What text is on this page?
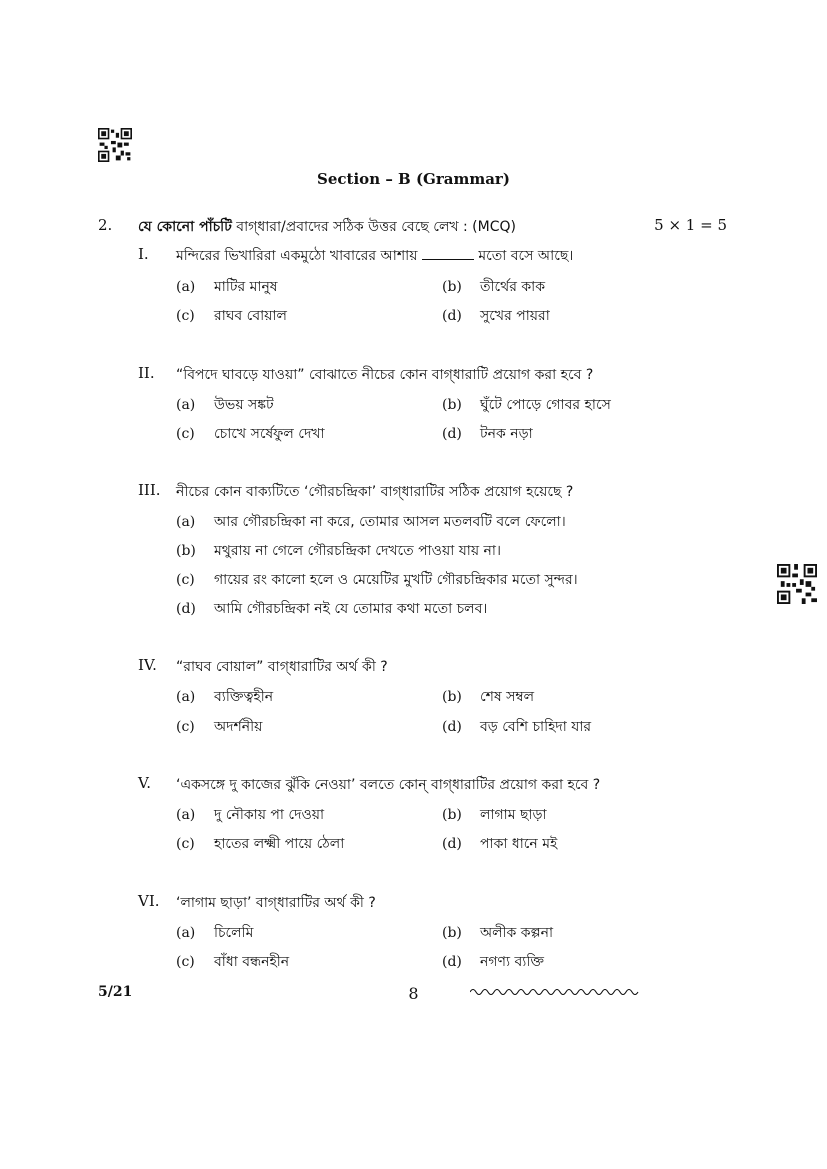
Section – B (Grammar)
2. যে কোনো পাঁচটি বাগ্‌ধারা/প্রবাদের সঠিক উত্তর বেছে লেখ : (MCQ)	5 × 1 = 5
I. মন্দিরের ভিখারিরা একমুঠো খাবারের আশায়	মতো বসে আছে।
(a) মাটির মানুষ	(b) তীর্থের কাক
(c) রাঘব বোয়াল	(d) সুখের পায়রা
II. “বিপদে ঘাবড়ে যাওয়া” বোঝাতে নীচের কোন বাগ্‌ধারাটি প্রয়োগ করা হবে ?
(a) উভয় সঙ্কট	(b) ঘুঁটে পোড়ে গোবর হাসে
(c) চোখে সর্ষেফুল দেখা	(d) টনক নড়া
III. নীচের কোন বাক্যটিতে ‘গৌরচন্দ্রিকা’ বাগ্‌ধারাটির সঠিক প্রয়োগ হয়েছে ?
(a) আর গৌরচন্দ্রিকা না করে, তোমার আসল মতলবটি বলে ফেলো।
(b) মথুরায় না গেলে গৌরচন্দ্রিকা দেখতে পাওয়া যায় না।
(c) গায়ের রং কালো হলে ও মেয়েটির মুখটি গৌরচন্দ্রিকার মতো সুন্দর।
(d) আমি গৌরচন্দ্রিকা নই যে তোমার কথা মতো চলব।
IV. “রাঘব বোয়াল” বাগ্‌ধারাটির অর্থ কী ?
(a) ব্যক্তিত্বহীন	(b) শেষ সম্বল
(c) অদর্শনীয়	(d) বড় বেশি চাহিদা যার
V. ‘একসঙ্গে দু কাজের ঝুঁকি নেওয়া’ বলতে কোন্‌ বাগ্‌ধারাটির প্রয়োগ করা হবে ?
(a) দু নৌকায় পা দেওয়া	(b) লাগাম ছাড়া
(c) হাতের লক্ষ্মী পায়ে ঠেলা	(d) পাকা ধানে মই
VI. ‘লাগাম ছাড়া’ বাগ্‌ধারাটির অর্থ কী ?
(a) চিলেমি	(b) অলীক কল্পনা
(c) বাঁধা বন্ধনহীন	(d) নগণ্য ব্যক্তি
5/21	8
